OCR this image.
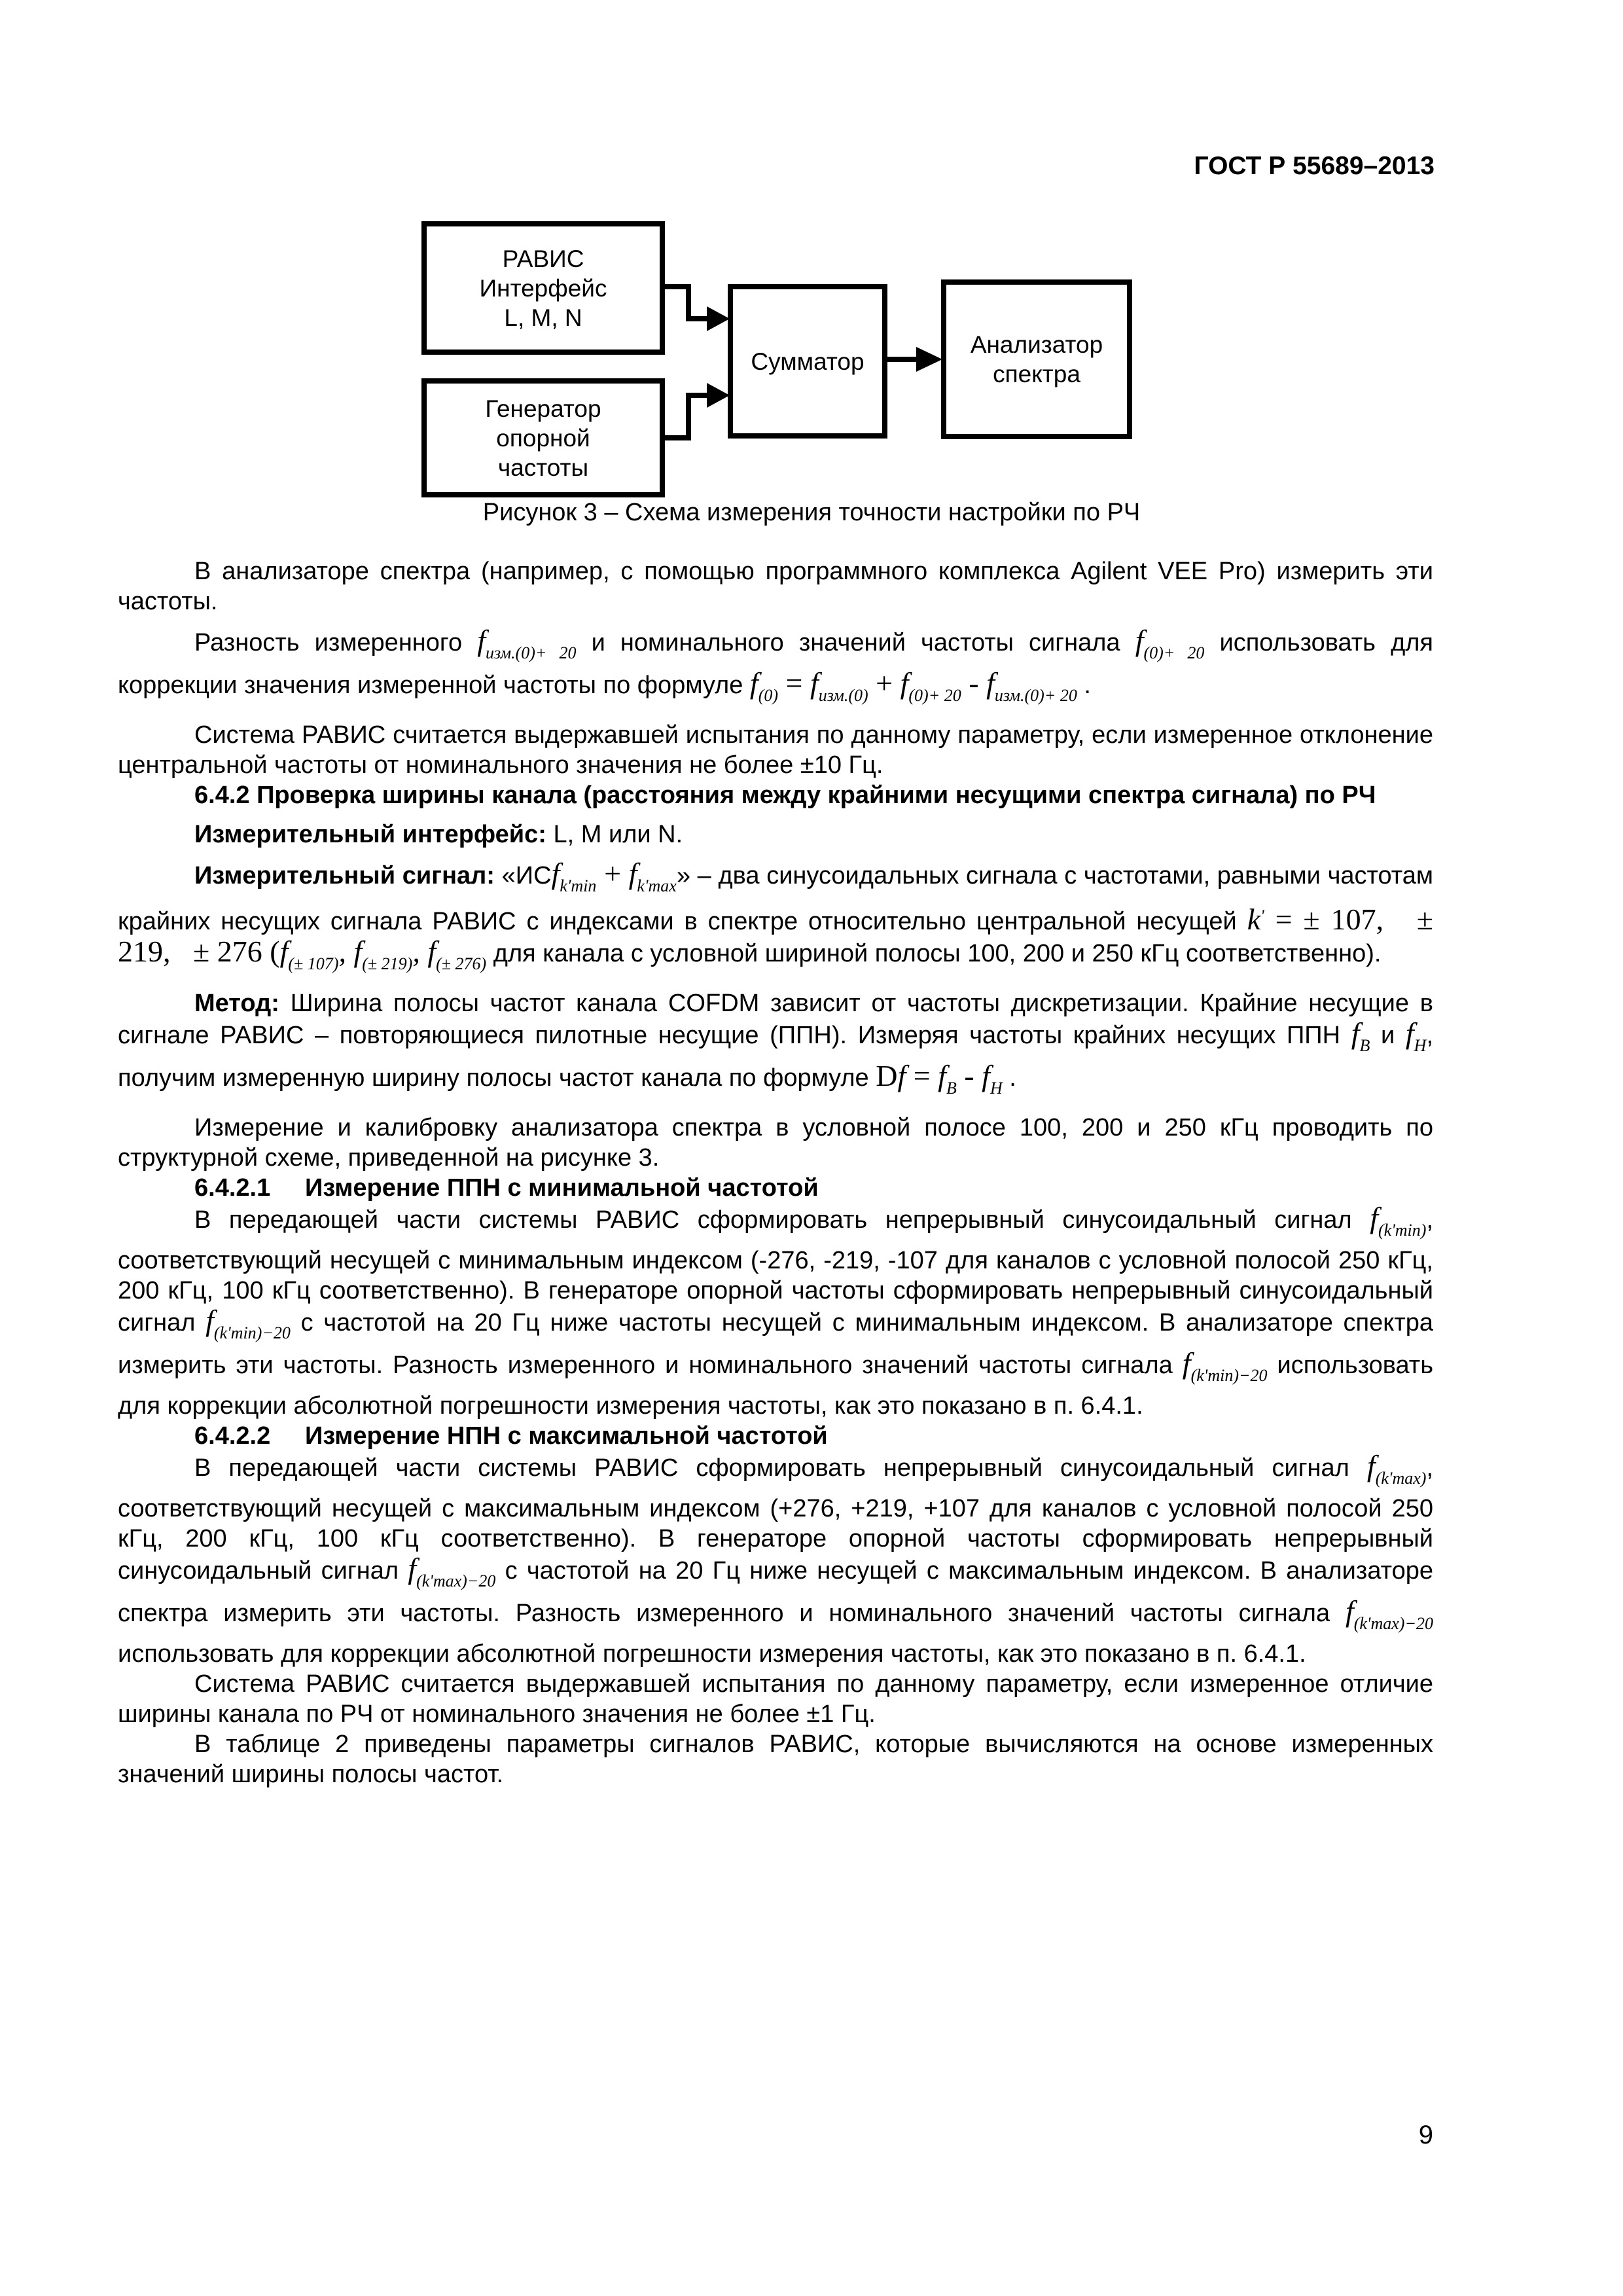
ГОСТ Р 55689–2013
РАВИС
Интерфейс
L, M, N
Генератор
опорной
частоты
Сумматор
Анализатор
спектра
Рисунок 3 – Схема измерения точности настройки по РЧ

В анализаторе спектра (например, с помощью программного комплекса Agilent VEE Pro) измерить эти частоты.

Разность измеренного $f_{изм.(0)+ 20}$ и номинального значений частоты сигнала $f_{(0)+ 20}$ использовать для коррекции значения измеренной частоты по формуле $f_{(0)} = f_{изм.(0)} + f_{(0)+ 20} - f_{изм.(0)+ 20}$ .

Система РАВИС считается выдержавшей испытания по данному параметру, если измеренное отклонение центральной частоты от номинального значения не более ±10 Гц.

6.4.2 Проверка ширины канала (расстояния между крайними несущими спектра сигнала) по РЧ

Измерительный интерфейс: L, M или N.

Измерительный сигнал: «$ИСf_{k'min} + f_{k'max}$» – два синусоидальных сигнала с частотами, равными частотам крайних несущих сигнала РАВИС с индексами в спектре относительно центральной несущей k' = ± 107,   ± 219,   ± 276 ($f_{(\pm 107)}$, $f_{(\pm 219)}$, $f_{(\pm 276)}$ для канала с условной шириной полосы 100, 200 и 250 кГц соответственно).

Метод: Ширина полосы частот канала COFDM зависит от частоты дискретизации. Крайние несущие в сигнале РАВИС – повторяющиеся пилотные несущие (ППН). Измеряя частоты крайних несущих ППН $f_B$ и $f_H$, получим измеренную ширину полосы частот канала по формуле $Df = f_B - f_H$ .

Измерение и калибровку анализатора спектра в условной полосе 100, 200 и 250 кГц проводить по структурной схеме, приведенной на рисунке 3.

6.4.2.1 Измерение ППН с минимальной частотой

В передающей части системы РАВИС сформировать непрерывный синусоидальный сигнал $f_{(k'min)}$, соответствующий несущей с минимальным индексом (-276, -219, -107 для каналов с условной полосой 250 кГц, 200 кГц, 100 кГц соответственно). В генераторе опорной частоты сформировать непрерывный синусоидальный сигнал $f_{(k'min)-20}$ с частотой на 20 Гц ниже частоты несущей с минимальным индексом. В анализаторе спектра измерить эти частоты. Разность измеренного и номинального значений частоты сигнала $f_{(k'min)-20}$ использовать для коррекции абсолютной погрешности измерения частоты, как это показано в п. 6.4.1.

6.4.2.2 Измерение НПН с максимальной частотой

В передающей части системы РАВИС сформировать непрерывный синусоидальный сигнал $f_{(k'max)}$, соответствующий несущей с максимальным индексом (+276, +219, +107 для каналов с условной полосой 250 кГц, 200 кГц, 100 кГц соответственно). В генераторе опорной частоты сформировать непрерывный синусоидальный сигнал $f_{(k'max)-20}$ с частотой на 20 Гц ниже несущей с максимальным индексом. В анализаторе спектра измерить эти частоты. Разность измеренного и номинального значений частоты сигнала $f_{(k'max)-20}$ использовать для коррекции абсолютной погрешности измерения частоты, как это показано в п. 6.4.1.

Система РАВИС считается выдержавшей испытания по данному параметру, если измеренное отличие ширины канала по РЧ от номинального значения не более ±1 Гц.

В таблице 2 приведены параметры сигналов РАВИС, которые вычисляются на основе измеренных значений ширины полосы частот.

9
